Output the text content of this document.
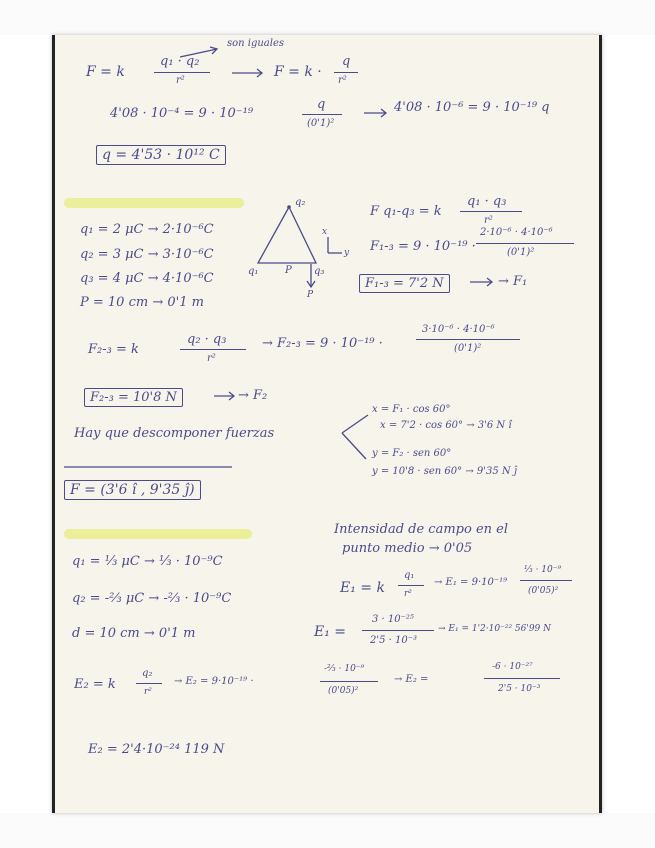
son iguales
F = k
q₁ · q₂
r²
F = k ·
q
r²
4'08 · 10⁻⁴ = 9 · 10⁻¹⁹
q
(0'1)²
4'08 · 10⁻⁶ = 9 · 10⁻¹⁹ q
q = 4'53 · 10¹² C
q₁ = 2 μC → 2·10⁻⁶C
q₂ = 3 μC → 3·10⁻⁶C
q₃ = 4 μC → 4·10⁻⁶C
P = 10 cm → 0'1 m
q₂
q₁	P q₃
P
x
y
F q₁-q₃ = k
q₁ · q₃
r²
F₁-₃ = 9 · 10⁻¹⁹ ·
2·10⁻⁶ · 4·10⁻⁶
(0'1)²
F₁-₃ = 7'2 N	→ F₁
F₂-₃ = k
q₂ · q₃
r²
→ F₂-₃ = 9 · 10⁻¹⁹ ·
3·10⁻⁶ · 4·10⁻⁶
(0'1)²
F₂-₃ = 10'8 N	→ F₂
Hay que descomponer fuerzas
x = F₁ · cos 60°
x = 7'2 · cos 60° → 3'6 N î
y = F₂ · sen 60°
y = 10'8 · sen 60° → 9'35 N ĵ
F = (3'6 î , 9'35 ĵ)
Intensidad de campo en el
punto medio → 0'05
q₁ = ⅓ μC → ⅓ · 10⁻⁹C
q₂ = -⅔ μC → -⅔ · 10⁻⁹C
d = 10 cm → 0'1 m
E₁ = k
q₁
r²
→ E₁ = 9·10⁻¹⁹
⅓ · 10⁻⁹
(0'05)²
E₁ =
3 · 10⁻²⁵
2'5 · 10⁻³
→ E₁ = 1'2·10⁻²² 56'99 N
E₂ = k
q₂
r²
→ E₂ = 9·10⁻¹⁹ ·
-⅔ · 10⁻⁹
(0'05)²
→ E₂ =
-6 · 10⁻²⁷
2'5 · 10⁻³
E₂ = 2'4·10⁻²⁴ 119 N
